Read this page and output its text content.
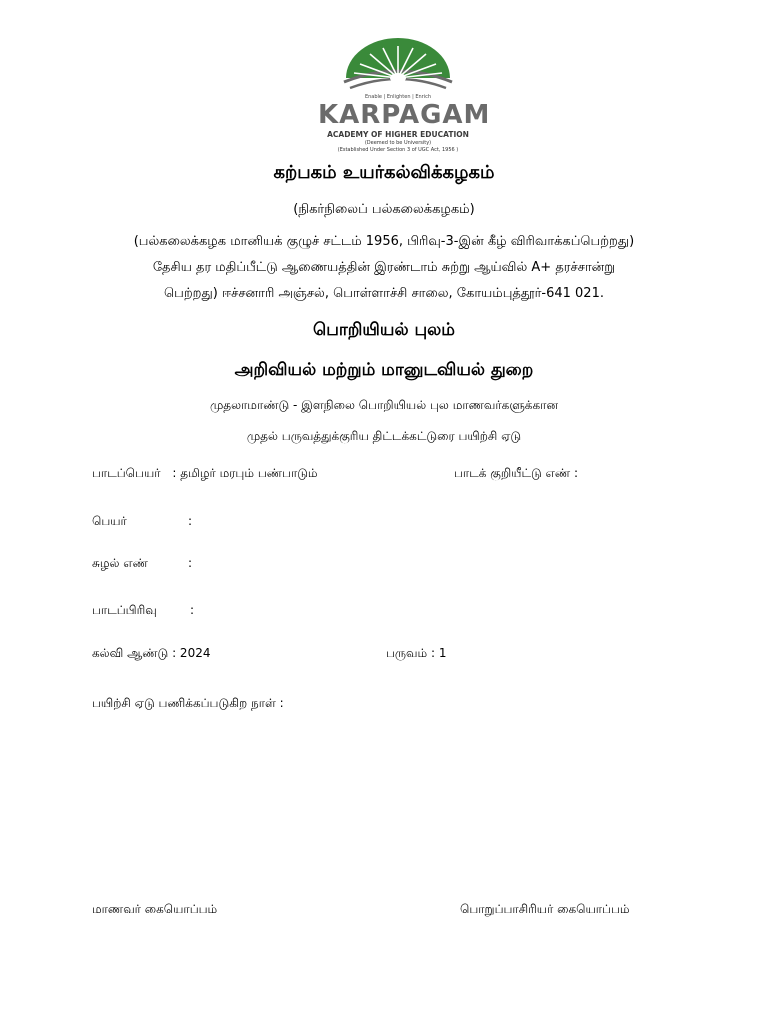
Enable | Enlighten | Enrich
KARPAGAM
ACADEMY OF HIGHER EDUCATION
(Deemed to be University)
(Established Under Section 3 of UGC Act, 1956 )
கற்பகம் உயர்கல்விக்கழகம்
(நிகர்நிலைப் பல்கலைக்கழகம்)
(பல்கலைக்கழக மானியக் குழுச் சட்டம் 1956, பிரிவு-3-இன் கீழ் விரிவாக்கப்பெற்றது)
தேசிய தர மதிப்பீட்டு ஆணையத்தின் இரண்டாம் சுற்று ஆய்வில் A+ தரச்சான்று
பெற்றது) ஈச்சனாரி அஞ்சல், பொள்ளாச்சி சாலை, கோயம்புத்தூர்-641 021.
பொறியியல் புலம்
அறிவியல் மற்றும் மானுடவியல் துறை
முதலாமாண்டு - இளநிலை பொறியியல் புல மாணவர்களுக்கான
முதல் பருவத்துக்குரிய திட்டக்கட்டுரை பயிற்சி ஏடு
பாடப்பெயர் : தமிழர் மரபும் பண்பாடும்	பாடக் குறியீட்டு எண் :
பெயர்	:
சுழல் எண்	:
பாடப்பிரிவு	:
கல்வி ஆண்டு : 2024	பருவம் : 1
பயிற்சி ஏடு பணிக்கப்படுகிற நாள் :
மாணவர் கையொப்பம்	பொறுப்பாசிரியர் கையொப்பம்
